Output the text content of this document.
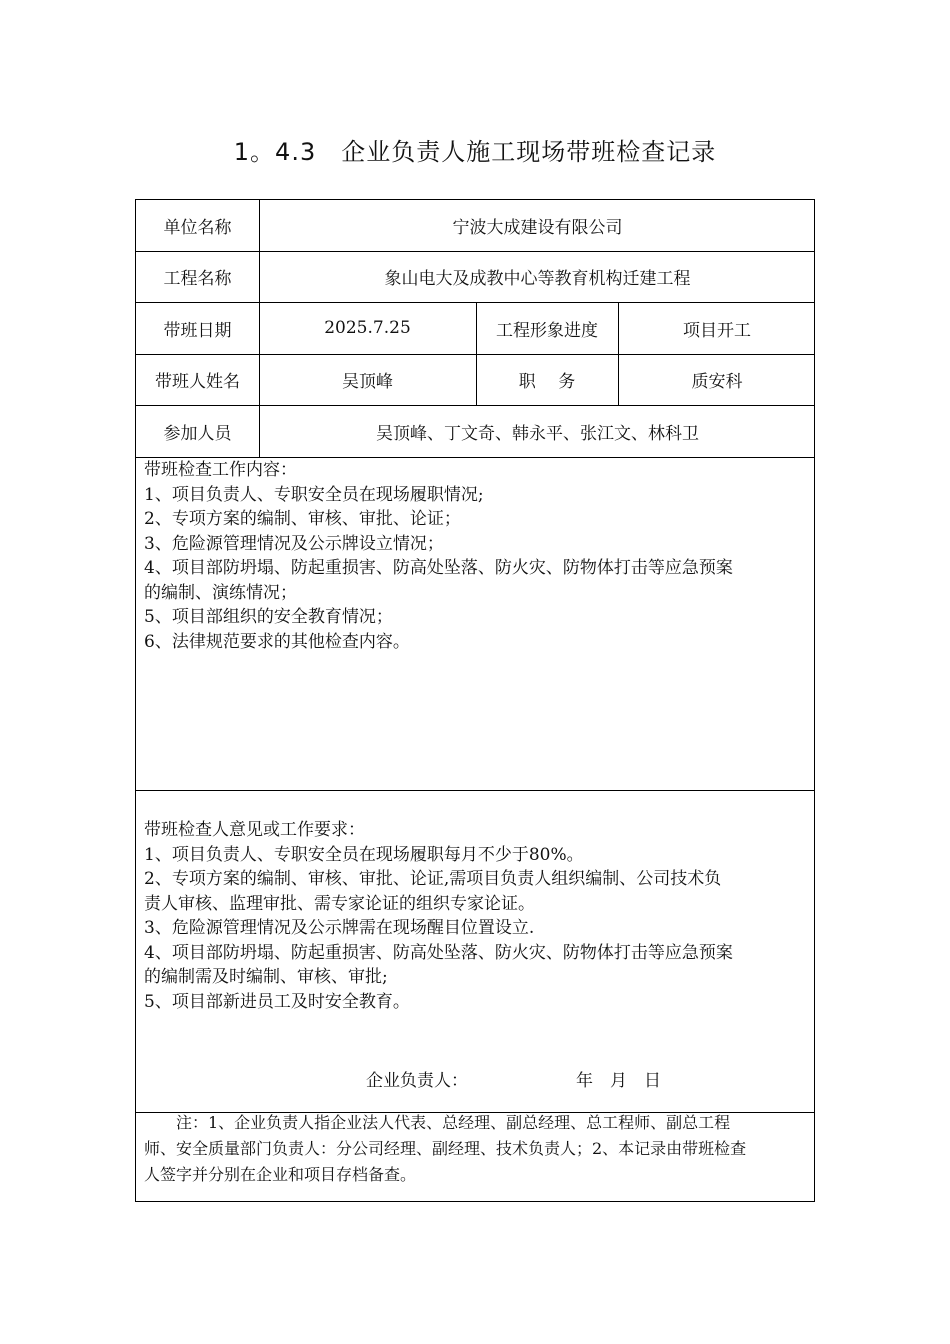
1。4.3　企业负责人施工现场带班检查记录
单位名称	宁波大成建设有限公司
工程名称	象山电大及成教中心等教育机构迁建工程
带班日期	2025.7.25	工程形象进度	项目开工
带班人姓名	吴顶峰	职　 务	质安科
参加人员	吴顶峰、丁文奇、韩永平、张江文、林科卫
带班检查工作内容：
1、项目负责人、专职安全员在现场履职情况;
2、专项方案的编制、审核、审批、论证；
3、危险源管理情况及公示牌设立情况；
4、项目部防坍塌、防起重损害、防高处坠落、防火灾、防物体打击等应急预案
的编制、演练情况；
5、项目部组织的安全教育情况；
6、法律规范要求的其他检查内容。
带班检查人意见或工作要求：
1、项目负责人、专职安全员在现场履职每月不少于80%。
2、专项方案的编制、审核、审批、论证,需项目负责人组织编制、公司技术负
责人审核、监理审批、需专家论证的组织专家论证。
3、危险源管理情况及公示牌需在现场醒目位置设立.
4、项目部防坍塌、防起重损害、防高处坠落、防火灾、防物体打击等应急预案
的编制需及时编制、审核、审批;
5、项目部新进员工及时安全教育。
企业负责人：	年　月　日
　　注：1、企业负责人指企业法人代表、总经理、副总经理、总工程师、副总工程
师、安全质量部门负责人：分公司经理、副经理、技术负责人；2、本记录由带班检查
人签字并分别在企业和项目存档备查。
